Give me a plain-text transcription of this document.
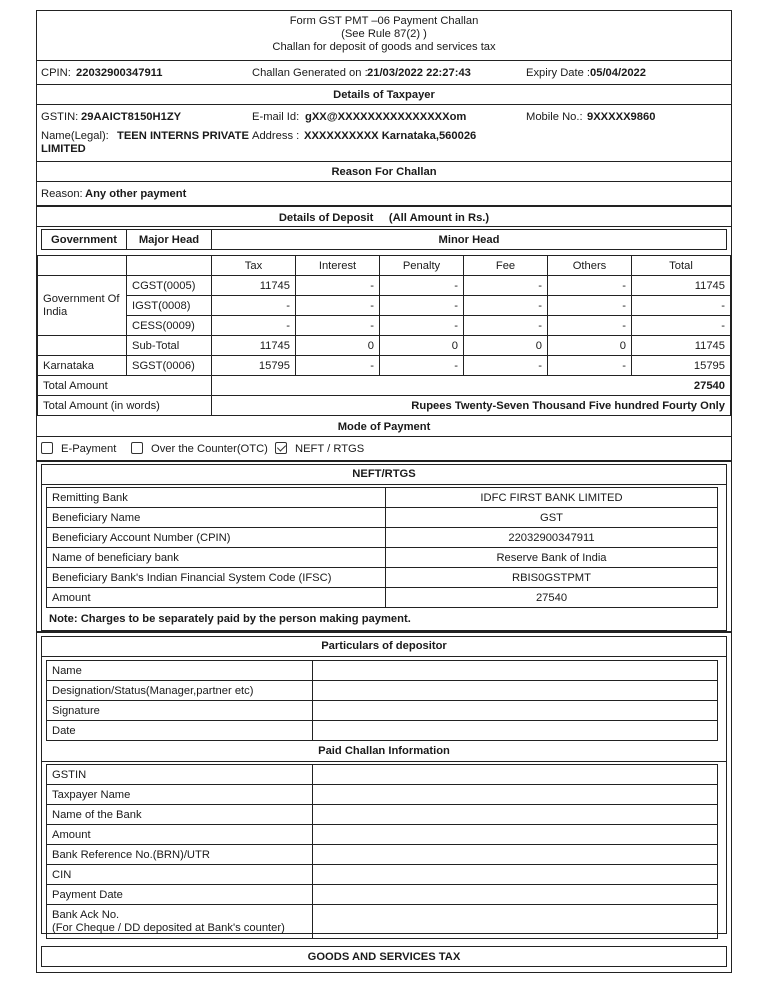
Form GST PMT –06 Payment Challan
(See Rule 87(2) )
Challan for deposit of goods and services tax
CPIN: 22032900347911	Challan Generated on : 21/03/2022 22:27:43	Expiry Date : 05/04/2022
Details of Taxpayer
GSTIN: 29AAICT8150H1ZY	E-mail Id: gXX@XXXXXXXXXXXXXXXom	Mobile No.: 9XXXXX9860
Name(Legal): TEEN INTERNS PRIVATE
LIMITED
Address : XXXXXXXXXX Karnataka,560026
Reason For Challan
Reason: Any other payment
Details of Deposit     (All Amount in Rs.)
Government	Major Head	Minor Head
		Tax	Interest	Penalty	Fee	Others	Total
Government Of India	CGST(0005)	11745	-	-	-	-	11745
	IGST(0008)	-	-	-	-	-	-
	CESS(0009)	-	-	-	-	-	-
	Sub-Total	11745	0	0	0	0	11745
Karnataka	SGST(0006)	15795	-	-	-	-	15795
Total Amount		27540					
Total Amount (in words)		Rupees Twenty-Seven Thousand Five hundred Fourty Only					
Mode of Payment
E-Payment	Over the Counter(OTC)	NEFT / RTGS
NEFT/RTGS
Remitting Bank	IDFC FIRST BANK LIMITED
Beneficiary Name	GST
Beneficiary Account Number (CPIN)	22032900347911
Name of beneficiary bank	Reserve Bank of India
Beneficiary Bank's Indian Financial System Code (IFSC)	RBIS0GSTPMT
Amount	27540
Note: Charges to be separately paid by the person making payment.
Particulars of depositor
Name	
Designation/Status(Manager,partner etc)	
Signature	
Date	
Paid Challan Information
GSTIN	
Taxpayer Name	
Name of the Bank	
Amount	
Bank Reference No.(BRN)/UTR	
CIN	
Payment Date	

Bank Ack No.
(For Cheque / DD deposited at Bank's counter)	

GOODS AND SERVICES TAX
